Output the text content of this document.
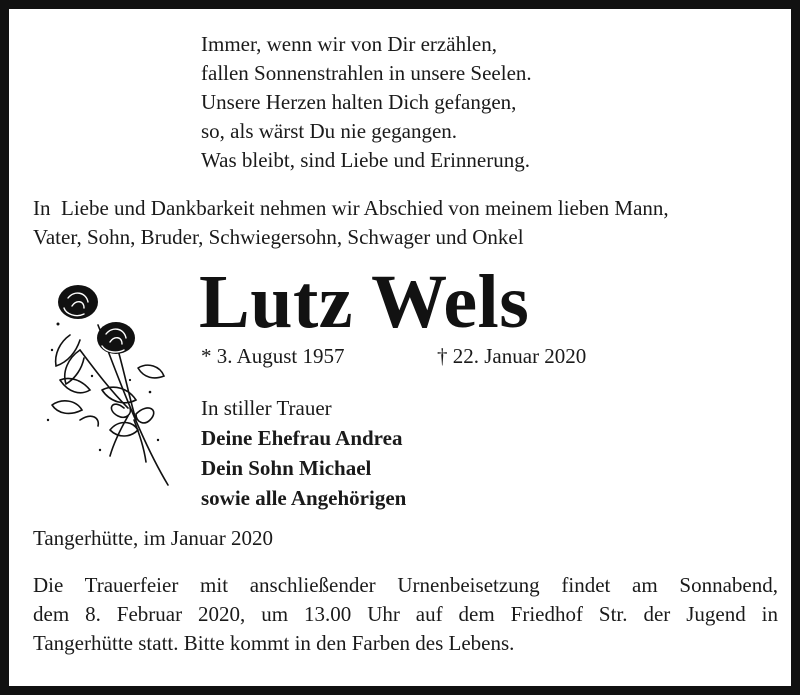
Immer, wenn wir von Dir erzählen,
fallen Sonnenstrahlen in unsere Seelen.
Unsere Herzen halten Dich gefangen,
so, als wärst Du nie gegangen.
Was bleibt, sind Liebe und Erinnerung.
In  Liebe und Dankbarkeit nehmen wir Abschied von meinem lieben Mann,
Vater, Sohn, Bruder, Schwiegersohn, Schwager und Onkel
Lutz Wels
* 3. August 1957	† 22. Januar 2020
In stiller Trauer
Deine Ehefrau Andrea
Dein Sohn Michael
sowie alle Angehörigen
Tangerhütte, im Januar 2020
Die Trauerfeier mit anschließender Urnenbeisetzung findet am Sonnabend,
dem 8. Februar 2020, um 13.00 Uhr auf dem Friedhof Str. der Jugend in
Tangerhütte statt. Bitte kommt in den Farben des Lebens.
